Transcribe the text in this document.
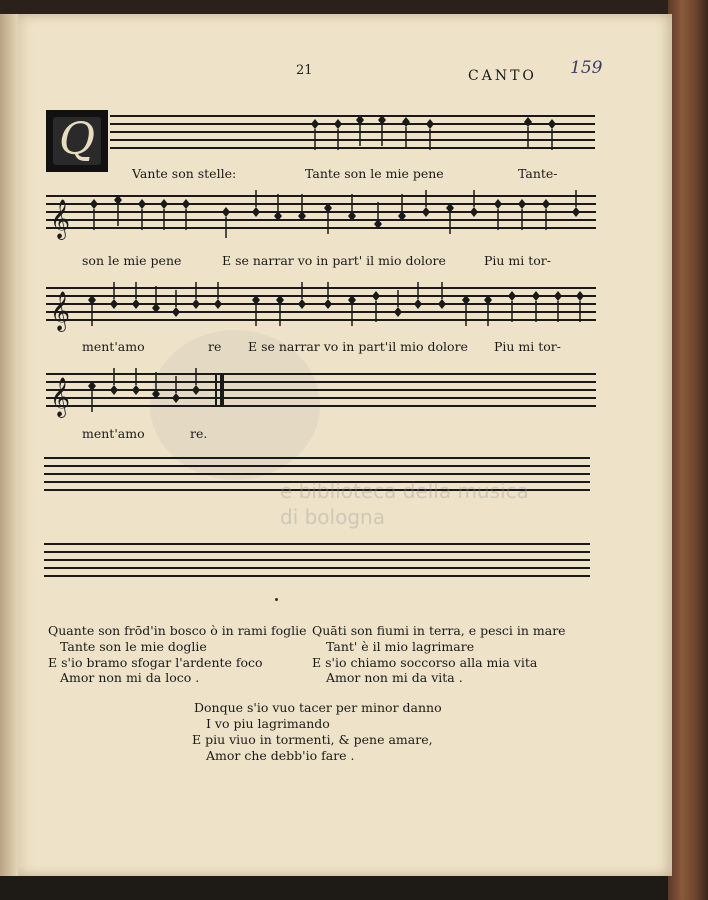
21	CANTO 159
Q
𝄞
𝄞
𝄞
Vante son stelle:	Tante son le mie pene	Tante-
son le mie pene	E se narrar vo in part' il mio dolore	Piu mi tor-
ment'amo	re E se narrar vo in part'il mio dolore Piu mi tor-
ment'amo	re.
e biblioteca della musica
di bologna
Quante son frōd'in bosco ò in rami foglie
Tante son le mie doglie
E s'io bramo sfogar l'ardente foco
Amor non mi da loco .
Quāti son fiumi in terra, e pesci in mare
Tant' è il mio lagrimare
E s'io chiamo soccorso alla mia vita
Amor non mi da vita .
Donque s'io vuo tacer per minor danno
I vo piu lagrimando
E piu viuo in tormenti, & pene amare,
Amor che debb'io fare .
